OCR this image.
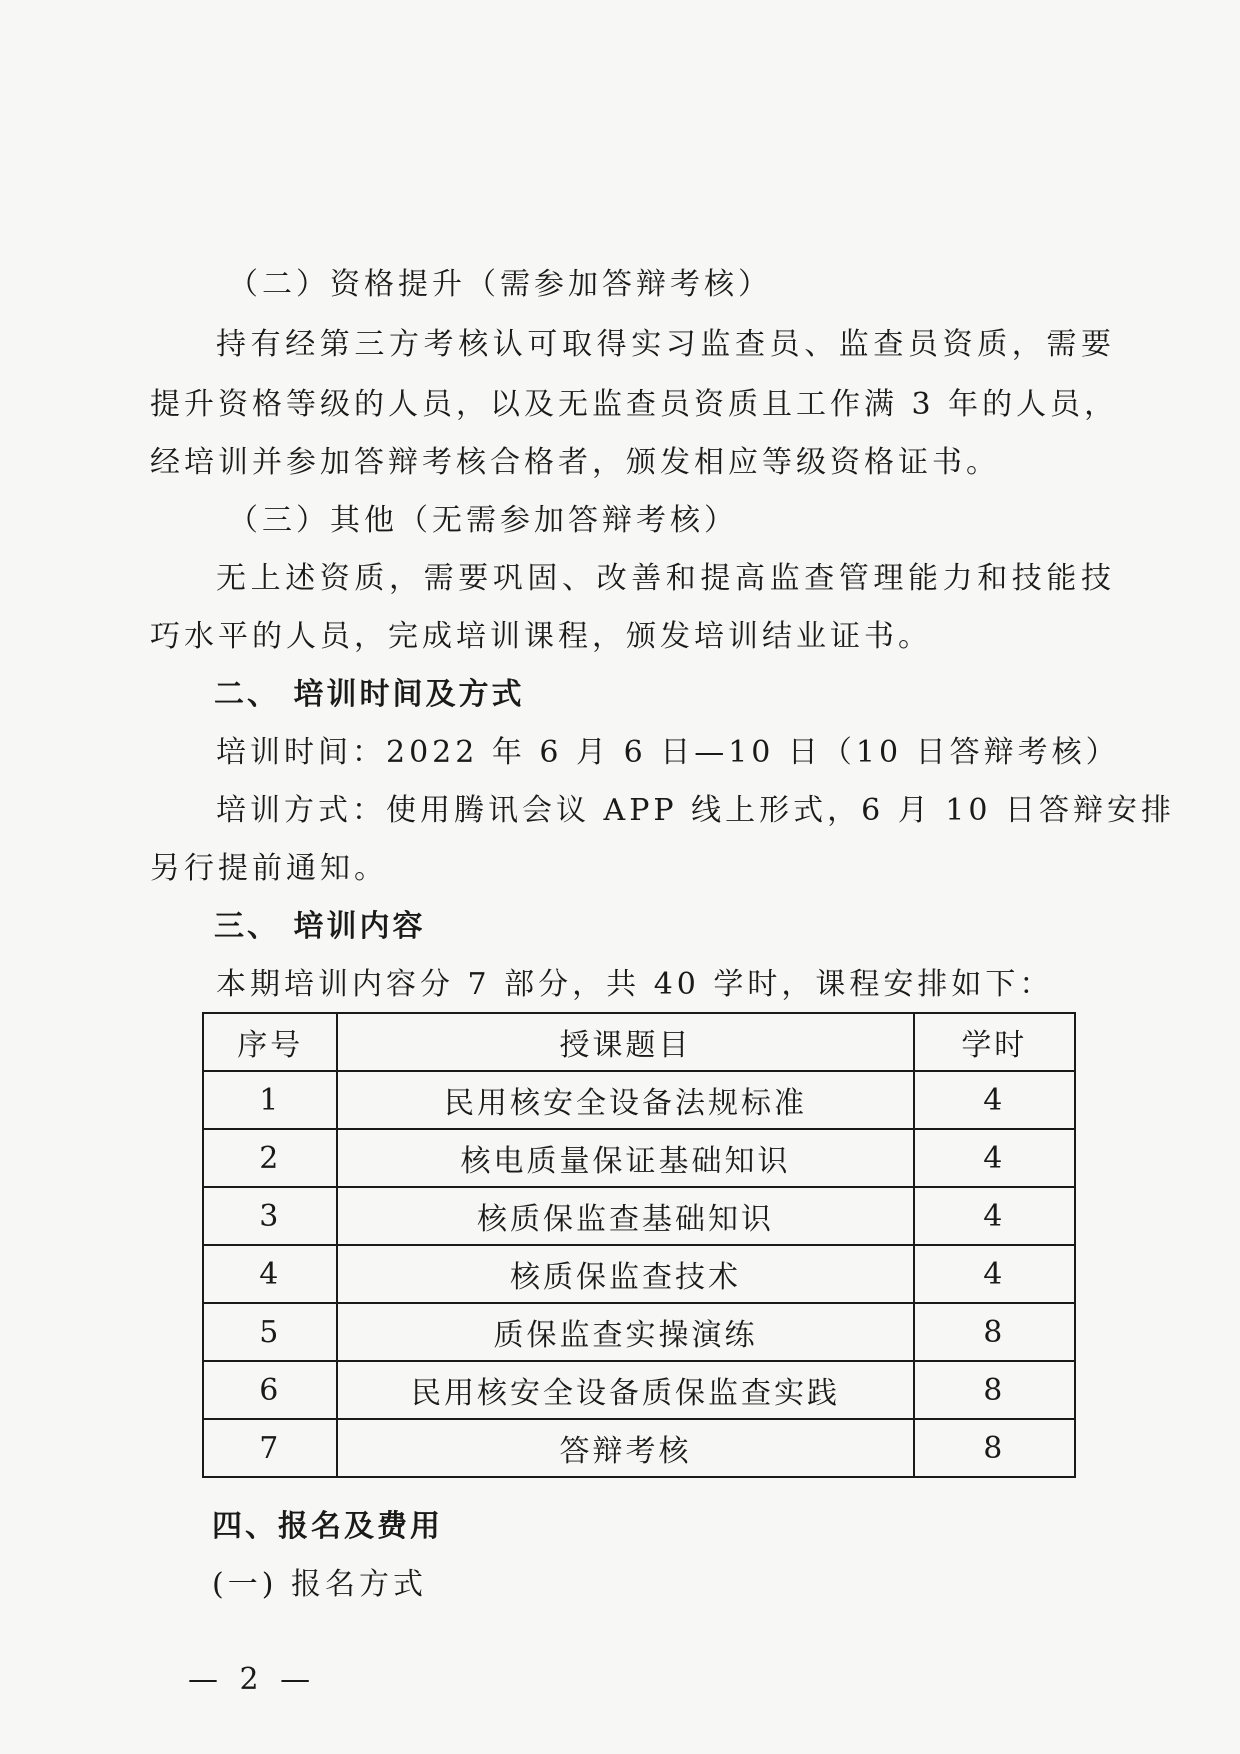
（二）资格提升（需参加答辩考核）
持有经第三方考核认可取得实习监查员、监查员资质，需要
提升资格等级的人员，以及无监查员资质且工作满 3 年的人员，
经培训并参加答辩考核合格者，颁发相应等级资格证书。
（三）其他（无需参加答辩考核）
无上述资质，需要巩固、改善和提高监查管理能力和技能技
巧水平的人员，完成培训课程，颁发培训结业证书。
二、 培训时间及方式
培训时间：2022 年 6 月 6 日—10 日（10 日答辩考核）
培训方式：使用腾讯会议 APP 线上形式，6 月 10 日答辩安排
另行提前通知。
三、 培训内容
本期培训内容分 7 部分，共 40 学时，课程安排如下：
序号	授课题目	学时
1	民用核安全设备法规标准	4
2	核电质量保证基础知识	4
3	核质保监查基础知识	4
4	核质保监查技术	4
5	质保监查实操演练	8
6	民用核安全设备质保监查实践	8
7	答辩考核	8
四、报名及费用
(一) 报名方式
— 2 —
